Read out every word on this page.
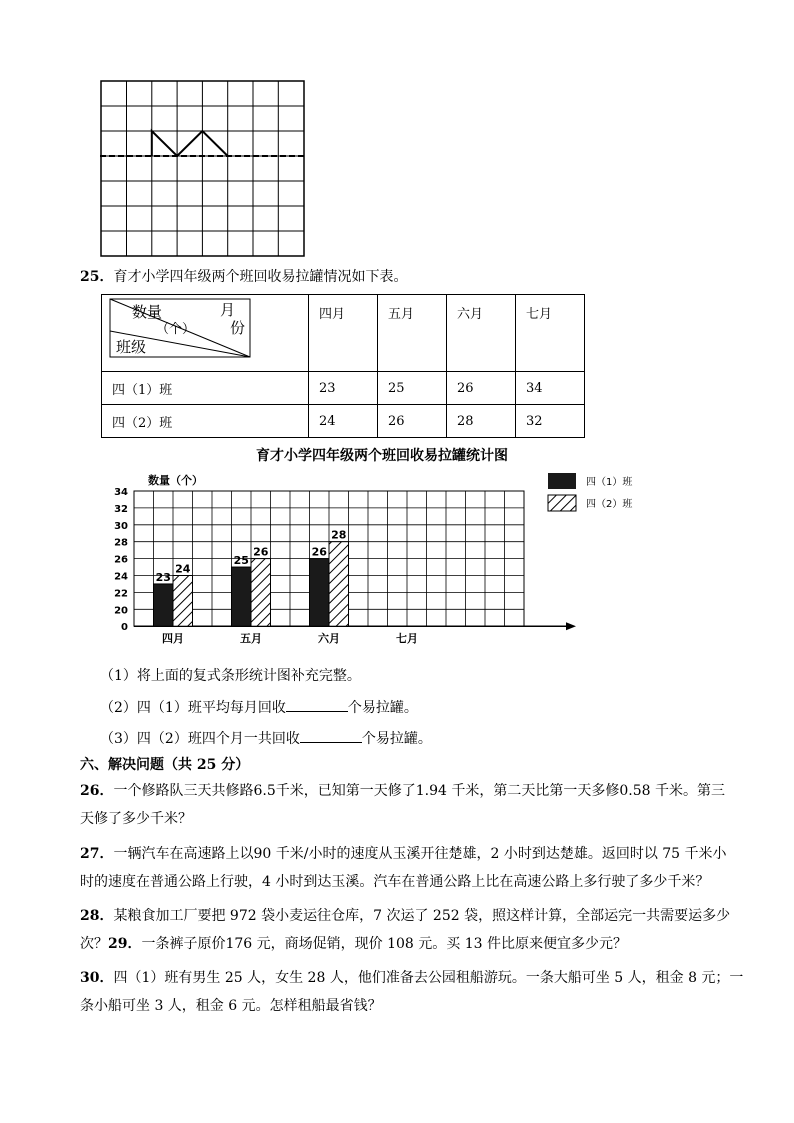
25．育才小学四年级两个班回收易拉罐情况如下表。
数量
（个）
月
份
班级	四月	五月	六月	七月
四（1）班	23	25	26	34
四（2）班	24	26	28	32
育才小学四年级两个班回收易拉罐统计图
数量（个）	四（1）班
四（2）班
0
20
22
24
26
28
30
32
34
23
24
25
26	26
28
四月	五月	六月	七月
（1）将上面的复式条形统计图补充完整。
（2）四（1）班平均每月回收	个易拉罐。
（3）四（2）班四个月一共回收	个易拉罐。
六、解决问题（共 25 分）
26．一个修路队三天共修路6.5千米，已知第一天修了1.94 千米，第二天比第一天多修0.58 千米。第三
天修了多少千米？
27．一辆汽车在高速路上以90 千米/小时的速度从玉溪开往楚雄，2 小时到达楚雄。返回时以 75 千米小
时的速度在普通公路上行驶，4 小时到达玉溪。汽车在普通公路上比在高速公路上多行驶了多少千米？
28．某粮食加工厂要把 972 袋小麦运往仓库，7 次运了 252 袋，照这样计算，全部运完一共需要运多少
次？29．一条裤子原价176 元，商场促销，现价 108 元。买 13 件比原来便宜多少元？
30．四（1）班有男生 25 人，女生 28 人，他们准备去公园租船游玩。一条大船可坐 5 人，租金 8 元；一
条小船可坐 3 人，租金 6 元。怎样租船最省钱？
